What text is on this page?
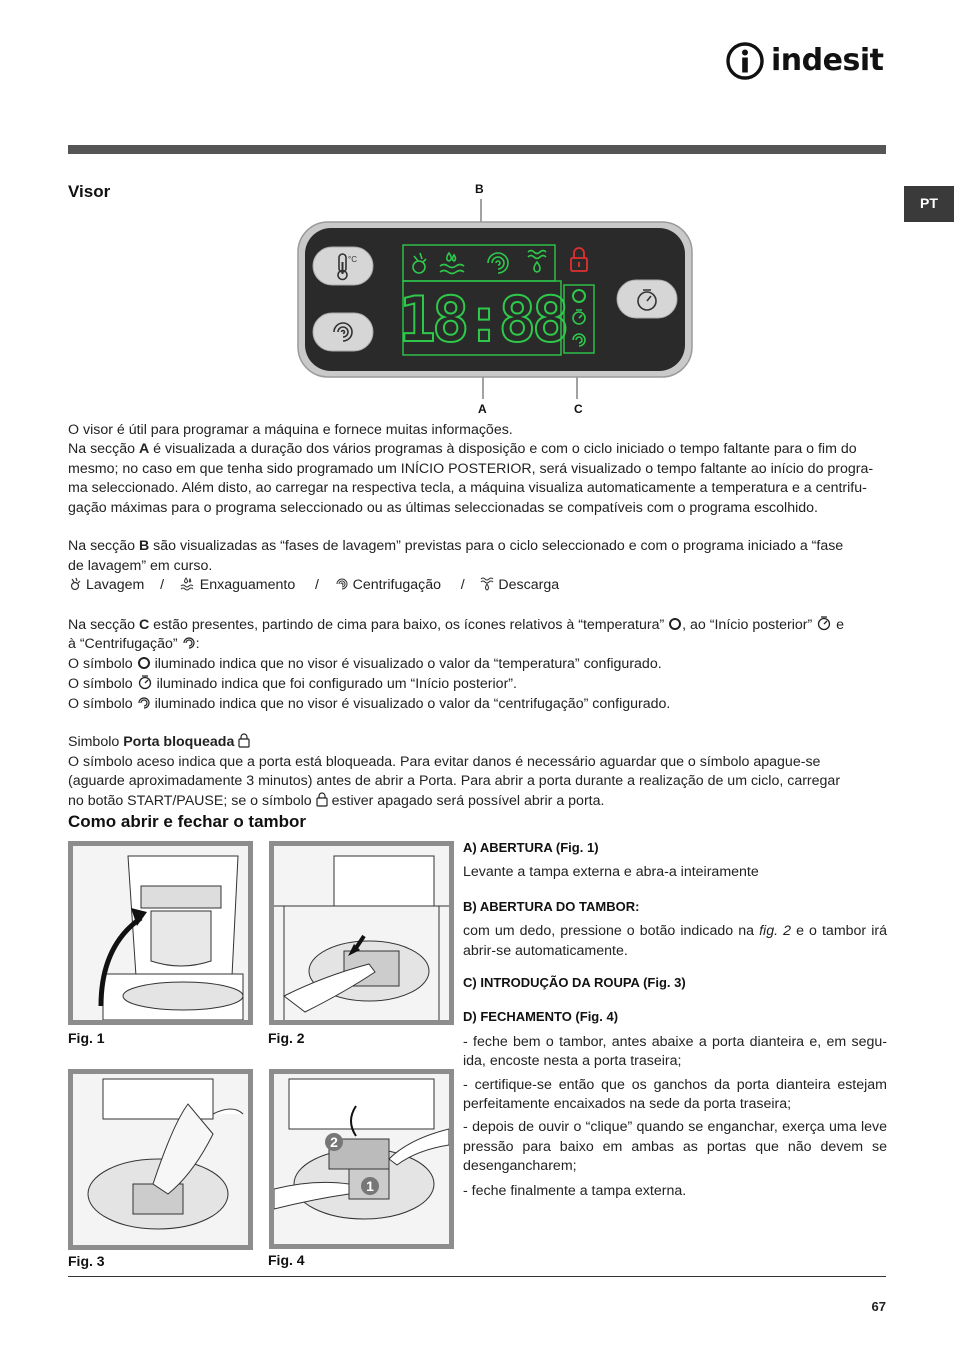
indesit
PT
Visor	B
A	C
°C
18:88

O visor é útil para programar a máquina e fornece muitas informações.

Na secção A é visualizada a duração dos vários programas à disposição e com o ciclo iniciado o tempo faltante para o fim do

mesmo; no caso em que tenha sido programado um INÍCIO POSTERIOR, será visualizado o tempo faltante ao início do progra-

ma seleccionado. Além disto, ao carregar na respectiva tecla, a máquina visualiza automaticamente a temperatura e a centrifu-

gação máximas para o programa seleccionado ou as últimas seleccionadas se compatíveis com o programa escolhido.

Na secção B são visualizadas as “fases de lavagem” previstas para o ciclo seleccionado e com o programa iniciado a “fase

de lavagem” em curso.

Lavagem /	Enxaguamento / Centrifugação / Descarga

Na secção C estão presentes, partindo de cima para baixo, os ícones relativos à “temperatura” , ao “Início posterior”  e

à “Centrifugação” :

O símbolo iluminado indica que no visor é visualizado o valor da “temperatura” configurado.

O símbolo iluminado indica que foi configurado um “Início posterior”.

O símbolo iluminado indica que no visor é visualizado o valor da “centrifugação” configurado.

Simbolo Porta bloqueada

O símbolo aceso indica que a porta está bloqueada. Para evitar danos é necessário aguardar que o símbolo apague-se

(aguarde aproximadamente 3 minutos) antes de abrir a Porta. Para abrir a porta durante a realização de um ciclo, carregar

no botão START/PAUSE; se o símbolo estiver apagado será possível abrir a porta.

Como abrir e fechar o tambor
Fig. 1	Fig. 2
2
1
Fig. 3	Fig. 4

A) ABERTURA (Fig. 1)

Levante a tampa externa e abra-a inteiramente

B) ABERTURA DO TAMBOR:

com um dedo, pressione o botão indicado na fig. 2 e o tambor irá abrir-se automaticamente.

C) INTRODUÇÃO DA ROUPA (Fig. 3)

D) FECHAMENTO (Fig. 4)

- feche bem o tambor, antes abaixe a porta dianteira e, em segu-ida, encoste nesta a porta traseira;

- certifique-se então que os ganchos da porta dianteira estejam perfeitamente encaixados na sede da porta traseira;

- depois de ouvir o “clique” quando se enganchar, exerça uma leve pressão para baixo em ambas as portas que não devem se desengancharem;

- feche finalmente a tampa externa.

67
